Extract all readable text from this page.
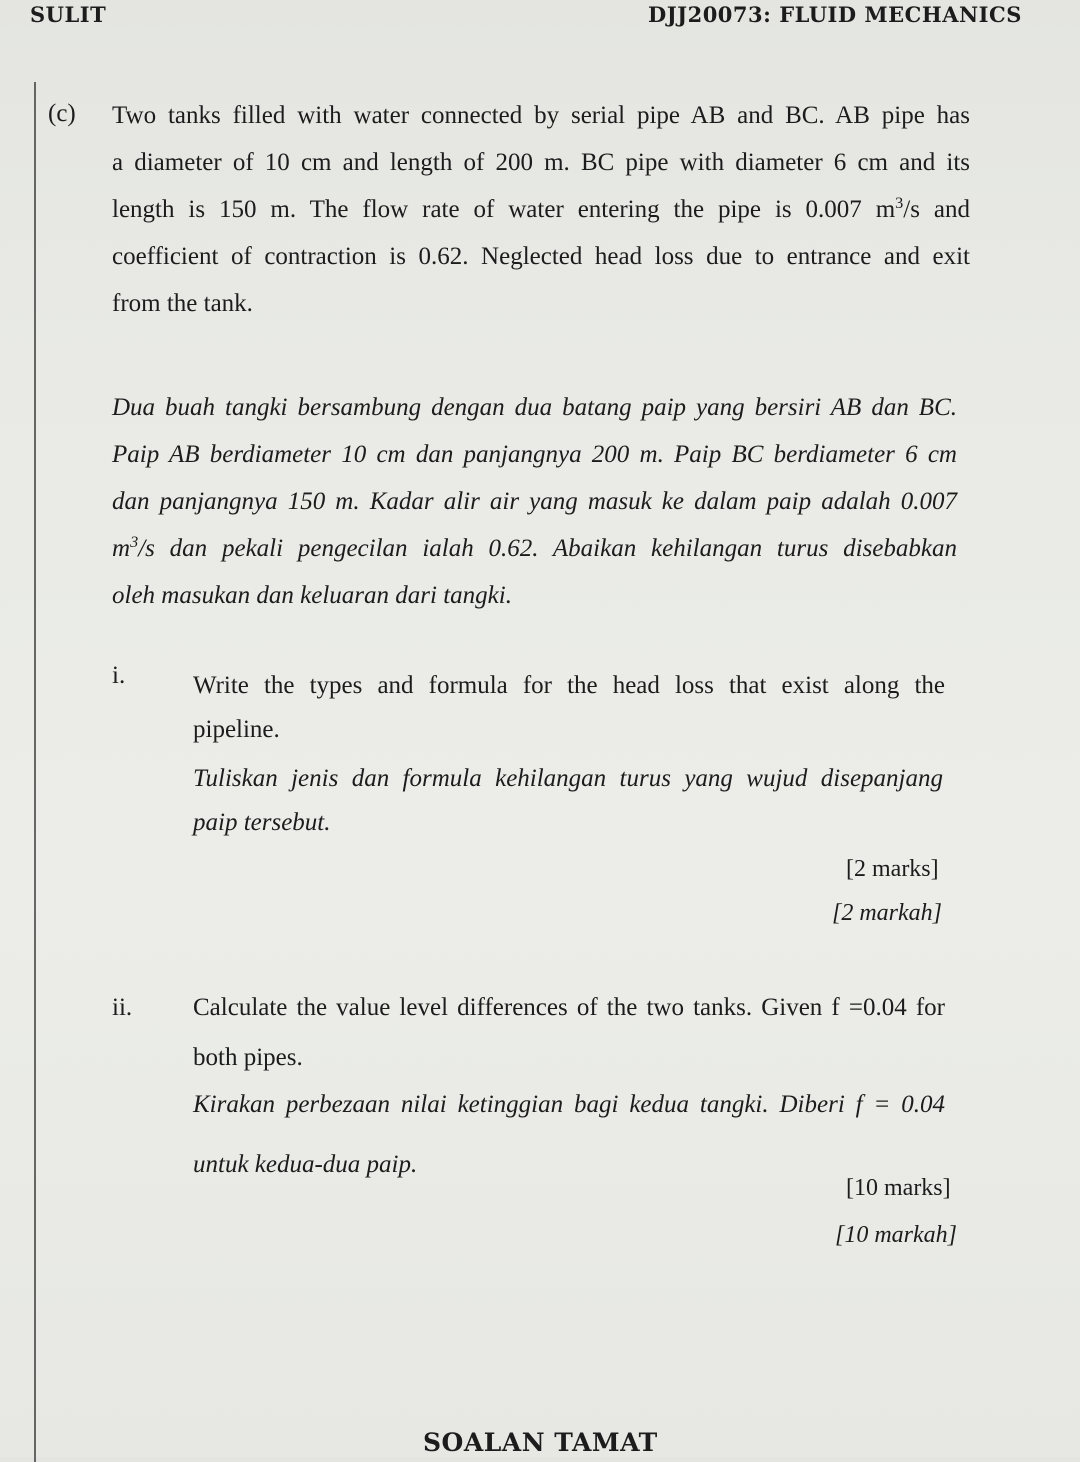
SULIT	DJJ20073: FLUID MECHANICS
(c) Two tanks filled with water connected by serial pipe AB and BC. AB pipe has
a diameter of 10 cm and length of 200 m. BC pipe with diameter 6 cm and its
length is 150 m. The flow rate of water entering the pipe is 0.007 $m^3/s$ and
coefficient of contraction is 0.62. Neglected head loss due to entrance and exit
from the tank.
Dua buah tangki bersambung dengan dua batang paip yang bersiri AB dan BC.
Paip AB berdiameter 10 cm dan panjangnya 200 m. Paip BC berdiameter 6 cm
dan panjangnya 150 m. Kadar alir air yang masuk ke dalam paip adalah 0.007
$m^3/s$ dan pekali pengecilan ialah 0.62. Abaikan kehilangan turus disebabkan
oleh masukan dan keluaran dari tangki.
i.	Write the types and formula for the head loss that exist along the
pipeline.
Tuliskan jenis dan formula kehilangan turus yang wujud disepanjang
paip tersebut.
[2 marks]
[2 markah]
ii. Calculate the value level differences of the two tanks. Given f =0.04 for
both pipes.
Kirakan perbezaan nilai ketinggian bagi kedua tangki. Diberi f = 0.04
untuk kedua-dua paip.
[10 marks]
[10 markah]
SOALAN TAMAT
